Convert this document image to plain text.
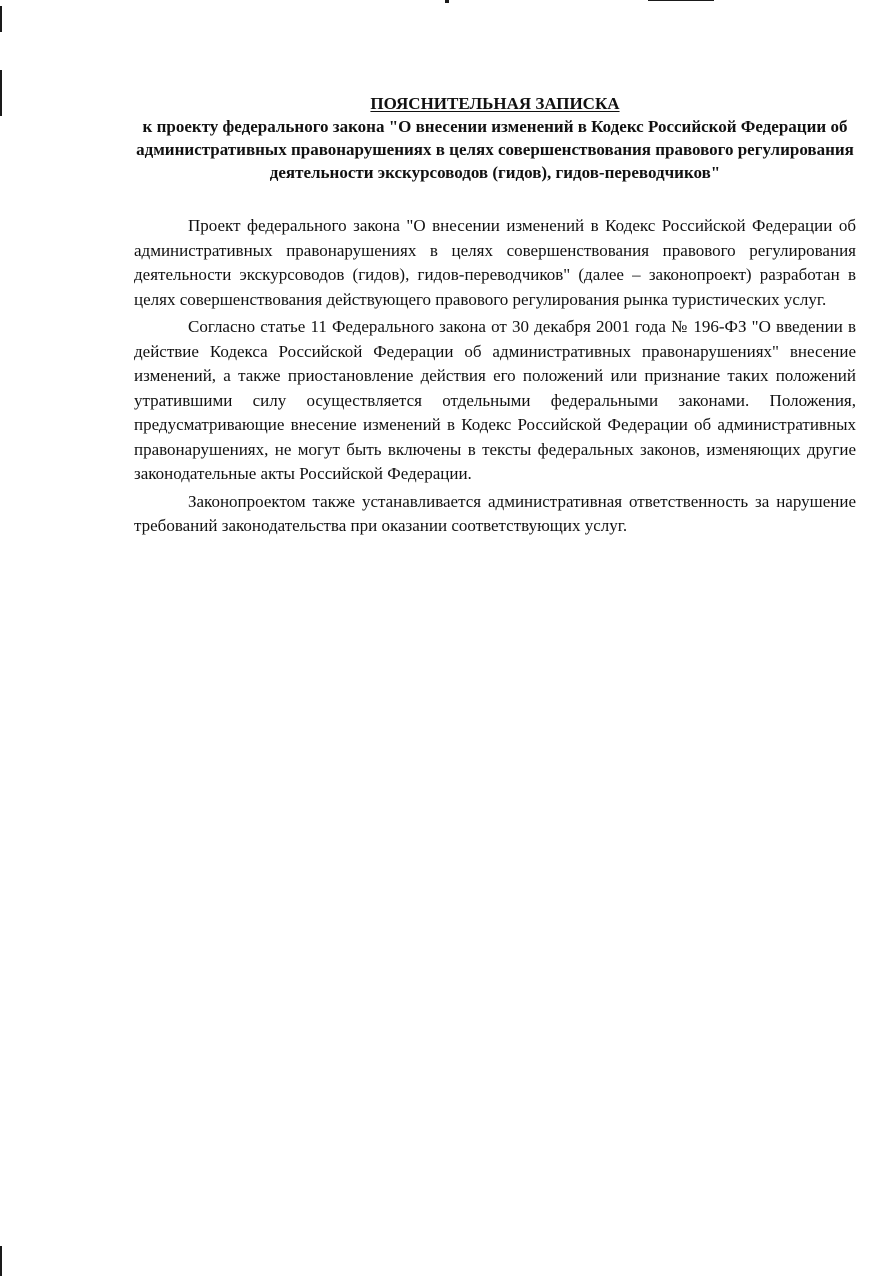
ПОЯСНИТЕЛЬНАЯ ЗАПИСКА
к проекту федерального закона "О внесении изменений в Кодекс Российской Федерации об административных правонарушениях в целях совершенствования правового регулирования деятельности экскурсоводов (гидов), гидов-переводчиков"

Проект федерального закона "О внесении изменений в Кодекс Российской Федерации об административных правонарушениях в целях совершенствования правового регулирования деятельности экскурсоводов (гидов), гидов-переводчиков" (далее – законопроект) разработан в целях совершенствования действующего правового регулирования рынка туристических услуг.

Согласно статье 11 Федерального закона от 30 декабря 2001 года № 196-ФЗ "О введении в действие Кодекса Российской Федерации об административных правонарушениях" внесение изменений, а также приостановление действия его положений или признание таких положений утратившими силу осуществляется отдельными федеральными законами. Положения, предусматривающие внесение изменений в Кодекс Российской Федерации об административных правонарушениях, не могут быть включены в тексты федеральных законов, изменяющих другие законодательные акты Российской Федерации.

Законопроектом также устанавливается административная ответственность за нарушение требований законодательства при оказании соответствующих услуг.
